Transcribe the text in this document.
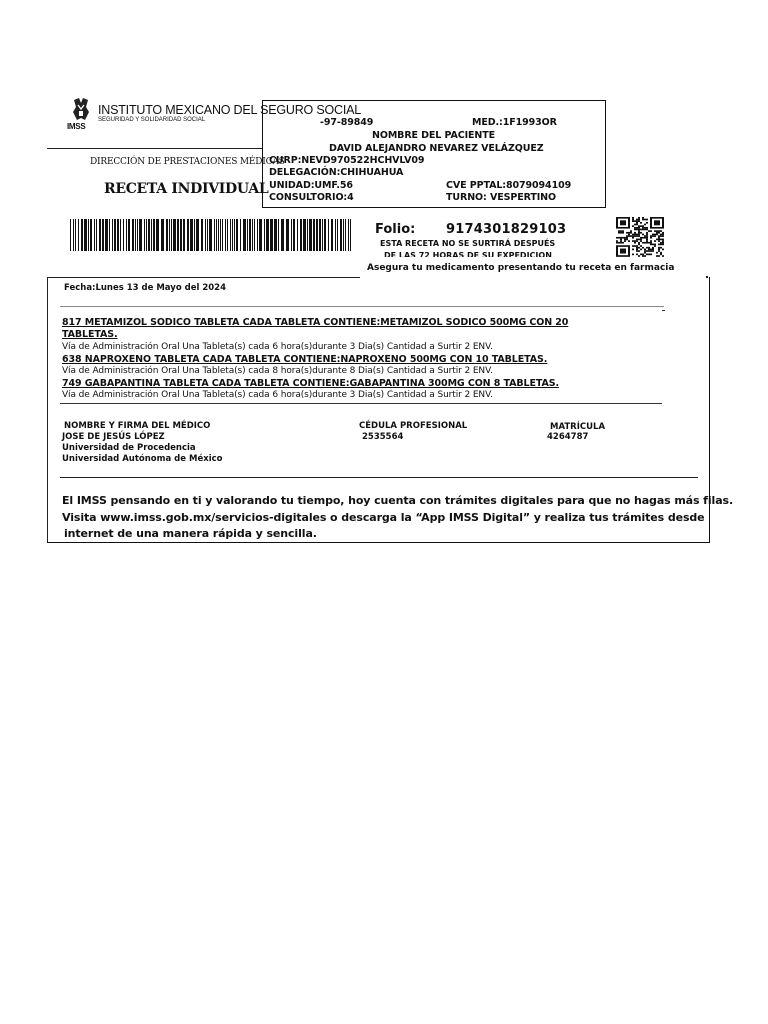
INSTITUTO MEXICANO DEL SEGURO SOCIAL
SEGURIDAD Y SOLIDARIDAD SOCIAL
IMSS
DIRECCIÓN DE PRESTACIONES MÉDICAS
RECETA INDIVIDUAL
-97-89849	MED.:1F1993OR
NOMBRE DEL PACIENTE
DAVID ALEJANDRO NEVAREZ VELÁZQUEZ
CURP:NEVD970522HCHVLV09
DELEGACIÓN:CHIHUAHUA
UNIDAD:UMF.56	CVE PPTAL:8079094109
CONSULTORIO:4	TURNO: VESPERTINO
Folio: 9174301829103
ESTA RECETA NO SE SURTIRÁ DESPUÉS
DE LAS 72 HORAS DE SU EXPEDICION
Asegura tu medicamento presentando tu receta en farmacia
Fecha:Lunes 13 de Mayo del 2024
817 METAMIZOL SODICO TABLETA CADA TABLETA CONTIENE:METAMIZOL SODICO 500MG CON 20
TABLETAS.
Vía de Administración Oral Una Tableta(s) cada 6 hora(s)durante 3 Dia(s) Cantidad a Surtir 2 ENV.
638 NAPROXENO TABLETA CADA TABLETA CONTIENE:NAPROXENO 500MG CON 10 TABLETAS.
Vía de Administración Oral Una Tableta(s) cada 8 hora(s)durante 8 Dia(s) Cantidad a Surtir 2 ENV.
749 GABAPANTINA TABLETA CADA TABLETA CONTIENE:GABAPANTINA 300MG CON 8 TABLETAS.
Vía de Administración Oral Una Tableta(s) cada 6 hora(s)durante 3 Dia(s) Cantidad a Surtir 2 ENV.
NOMBRE Y FIRMA DEL MÉDICO
JOSE DE JESÚS LÓPEZ
Universidad de Procedencia
Universidad Autónoma de México
CÉDULA PROFESIONAL
2535564
MATRÍCULA
4264787
El IMSS pensando en ti y valorando tu tiempo, hoy cuenta con trámites digitales para que no hagas más filas.
Visita www.imss.gob.mx/servicios-digitales o descarga la “App IMSS Digital” y realiza tus trámites desde
internet de una manera rápida y sencilla.
